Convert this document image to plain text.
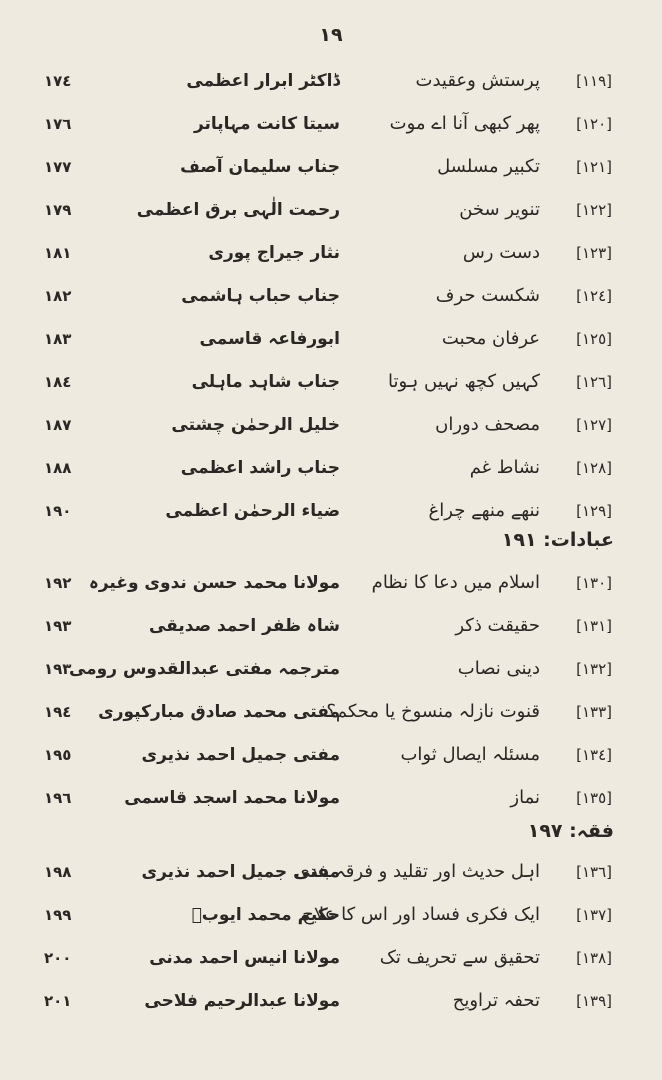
١٩
[١١٩]
پرستش وعقیدت
ڈاکٹر ابرار اعظمی
١٧٤
[١٢٠]
پھر کبھی آنا اے موت
سیتا کانت مہاپاتر
١٧٦
[١٢١]
تکبیر مسلسل
جناب سلیمان آصف
١٧٧
[١٢٢]
تنویر سخن
رحمت الٰہی برق اعظمی
١٧٩
[١٢٣]
دست رس
نثار جیراج پوری
١٨١
[١٢٤]
شکست حرف
جناب حباب ہاشمی
١٨٢
[١٢٥]
عرفان محبت
ابورفاعہ قاسمی
١٨٣
[١٢٦]
کہیں کچھ نہیں ہوتا
جناب شاہد ماہلی
١٨٤
[١٢٧]
مصحف دوراں
خلیل الرحمٰن چشتی
١٨٧
[١٢٨]
نشاط غم
جناب راشد اعظمی
١٨٨
[١٢٩]
ننھے منھے چراغ
ضیاء الرحمٰن اعظمی
١٩٠
عبادات: ١٩١
[١٣٠]
اسلام میں دعا کا نظام
مولانا محمد حسن ندوی وغیرہ
١٩٢
[١٣١]
حقیقت ذکر
شاہ ظفر احمد صدیقی
١٩٣
[١٣٢]
دینی نصاب
مترجمہ مفتی عبدالقدوس رومی
١٩٣
[١٣٣]
قنوت نازلہ منسوخ یا محکم؟
مفتی محمد صادق مبارکپوری
١٩٤
[١٣٤]
مسئلہ ایصال ثواب
مفتی جمیل احمد نذیری
١٩٥
[١٣٥]
نماز
مولانا محمد اسجد قاسمی
١٩٦
فقہ: ١٩٧
[١٣٦]
اہل حدیث اور تقلید و فرقہ بندی
مفتی جمیل احمد نذیری
١٩٨
[١٣٧]
ایک فکری فساد اور اس کا علاج
حکیم محمد ایوبؒ
١٩٩
[١٣٨]
تحقیق سے تحریف تک
مولانا انیس احمد مدنی
٢٠٠
[١٣٩]
تحفہ تراویح
مولانا عبدالرحیم فلاحی
٢٠١
